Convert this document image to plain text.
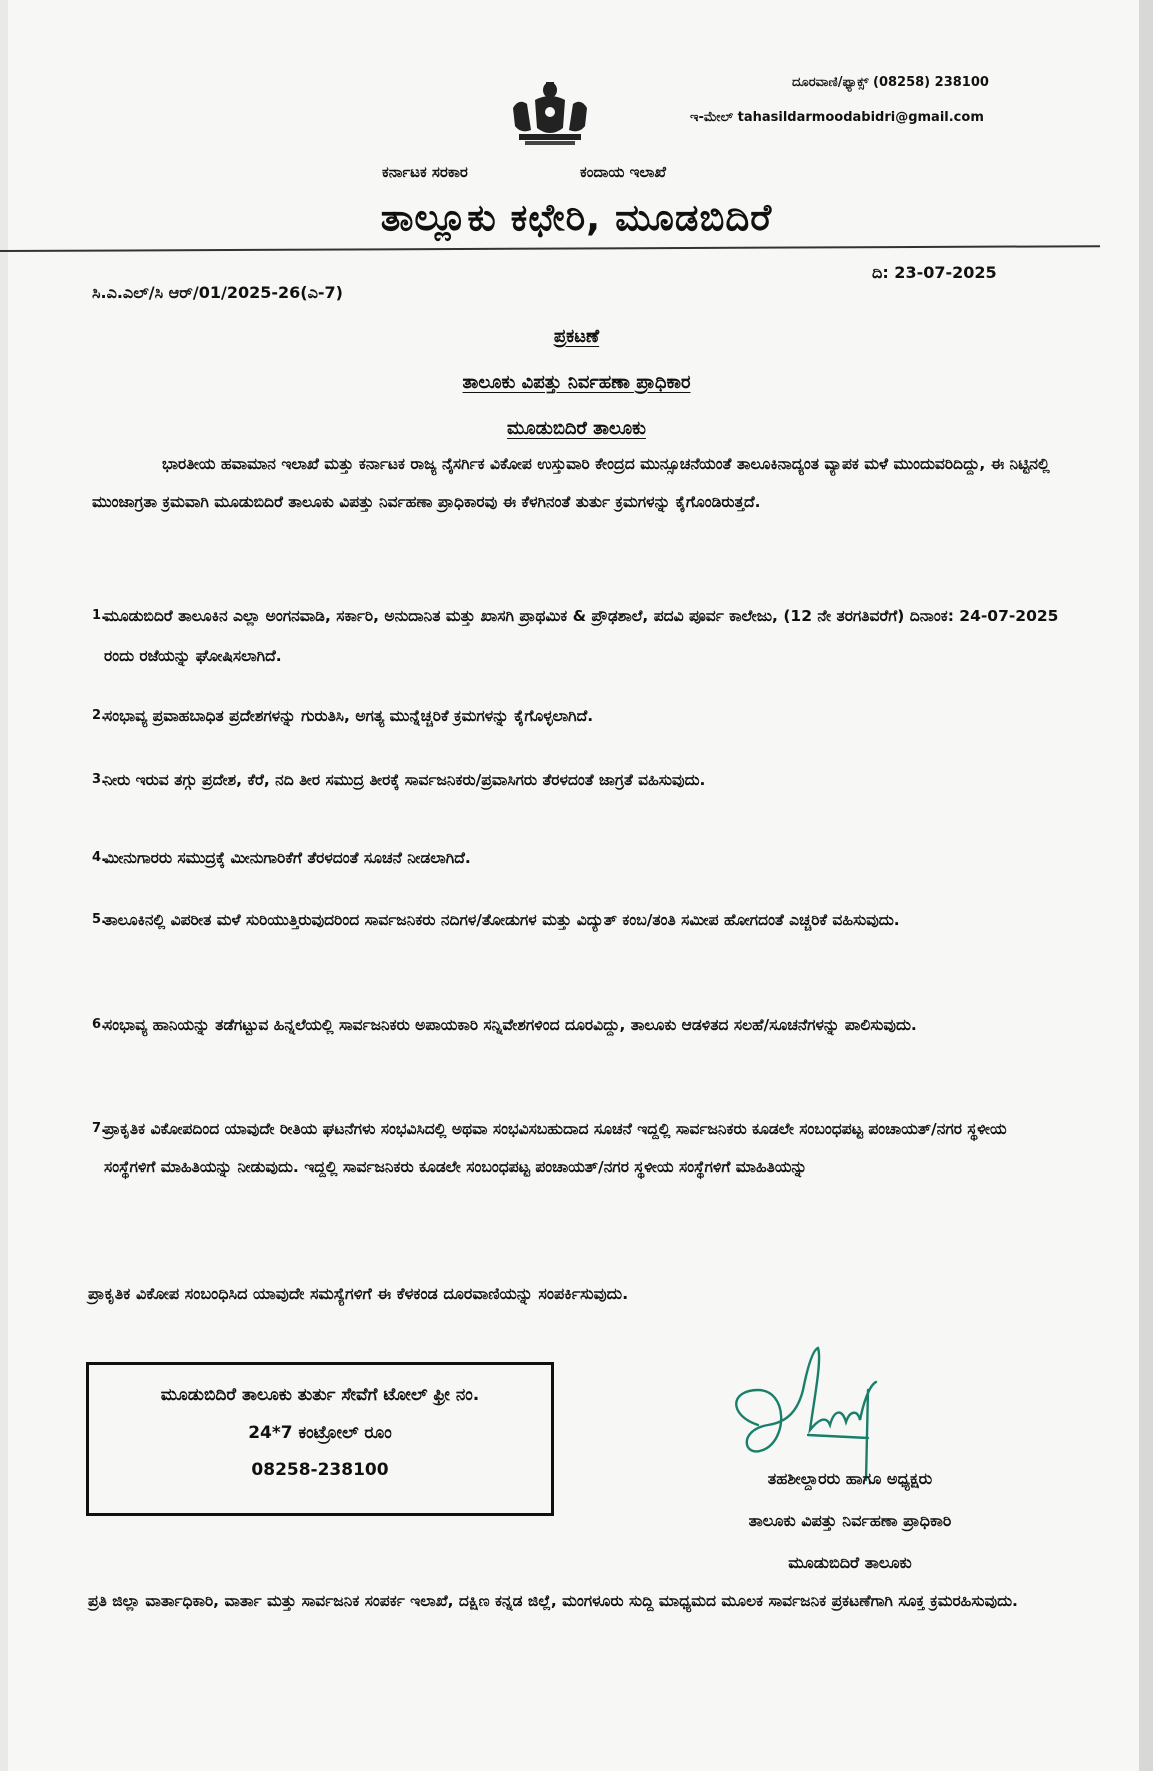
ದೂರವಾಣಿ/ಫ್ಯಾಕ್ಸ್ (08258) 238100
ಇ-ಮೇಲ್ tahasildarmoodabidri@gmail.com
ಕರ್ನಾಟಕ ಸರಕಾರ	ಕಂದಾಯ ಇಲಾಖೆ
ತಾಲ್ಲೂಕು ಕಛೇರಿ, ಮೂಡಬಿದಿರೆ
ಸಿ.ಎ.ಎಲ್/ಸಿ ಆರ್/01/2025-26(ಎ-7)
ದಿ: 23-07-2025
ಪ್ರಕಟಣೆ
ತಾಲೂಕು ವಿಪತ್ತು ನಿರ್ವಹಣಾ ಪ್ರಾಧಿಕಾರ
ಮೂಡುಬಿದಿರೆ ತಾಲೂಕು
ಭಾರತೀಯ ಹವಾಮಾನ ಇಲಾಖೆ ಮತ್ತು ಕರ್ನಾಟಕ ರಾಜ್ಯ ನೈಸರ್ಗಿಕ ವಿಕೋಪ ಉಸ್ತುವಾರಿ ಕೇಂದ್ರದ ಮುನ್ಸೂಚನೆಯಂತೆ ತಾಲೂಕಿನಾದ್ಯಂತ ವ್ಯಾಪಕ ಮಳೆ ಮುಂದುವರಿದಿದ್ದು, ಈ ನಿಟ್ಟಿನಲ್ಲಿ ಮುಂಜಾಗ್ರತಾ ಕ್ರಮವಾಗಿ ಮೂಡುಬಿದಿರೆ ತಾಲೂಕು ವಿಪತ್ತು ನಿರ್ವಹಣಾ ಪ್ರಾಧಿಕಾರವು ಈ ಕೆಳಗಿನಂತೆ ತುರ್ತು ಕ್ರಮಗಳನ್ನು ಕೈಗೊಂಡಿರುತ್ತದೆ.
1.
ಮೂಡುಬಿದಿರೆ ತಾಲೂಕಿನ ಎಲ್ಲಾ ಅಂಗನವಾಡಿ, ಸರ್ಕಾರಿ, ಅನುದಾನಿತ ಮತ್ತು ಖಾಸಗಿ ಪ್ರಾಥಮಿಕ & ಪ್ರೌಢಶಾಲೆ, ಪದವಿ ಪೂರ್ವ ಕಾಲೇಜು, (12 ನೇ ತರಗತಿವರೆಗೆ) ದಿನಾಂಕ: 24-07-2025 ರಂದು ರಜೆಯನ್ನು ಘೋಷಿಸಲಾಗಿದೆ.
2.
ಸಂಭಾವ್ಯ ಪ್ರವಾಹಬಾಧಿತ ಪ್ರದೇಶಗಳನ್ನು ಗುರುತಿಸಿ, ಅಗತ್ಯ ಮುನ್ನೆಚ್ಚರಿಕೆ ಕ್ರಮಗಳನ್ನು ಕೈಗೊಳ್ಳಲಾಗಿದೆ.
3.
ನೀರು ಇರುವ ತಗ್ಗು ಪ್ರದೇಶ, ಕೆರೆ, ನದಿ ತೀರ ಸಮುದ್ರ ತೀರಕ್ಕೆ ಸಾರ್ವಜನಿಕರು/ಪ್ರವಾಸಿಗರು ತೆರಳದಂತೆ ಜಾಗ್ರತೆ ವಹಿಸುವುದು.
4.
ಮೀನುಗಾರರು ಸಮುದ್ರಕ್ಕೆ ಮೀನುಗಾರಿಕೆಗೆ ತೆರಳದಂತೆ ಸೂಚನೆ ನೀಡಲಾಗಿದೆ.
5.
ತಾಲೂಕಿನಲ್ಲಿ ವಿಪರೀತ ಮಳೆ ಸುರಿಯುತ್ತಿರುವುದರಿಂದ ಸಾರ್ವಜನಿಕರು ನದಿಗಳ/ತೋಡುಗಳ ಮತ್ತು ವಿದ್ಯುತ್ ಕಂಬ/ತಂತಿ ಸಮೀಪ ಹೋಗದಂತೆ ಎಚ್ಚರಿಕೆ ವಹಿಸುವುದು.
6.
ಸಂಭಾವ್ಯ ಹಾನಿಯನ್ನು ತಡೆಗಟ್ಟುವ ಹಿನ್ನಲೆಯಲ್ಲಿ ಸಾರ್ವಜನಿಕರು ಅಪಾಯಕಾರಿ ಸನ್ನಿವೇಶಗಳಿಂದ ದೂರವಿದ್ದು, ತಾಲೂಕು ಆಡಳಿತದ ಸಲಹೆ/ಸೂಚನೆಗಳನ್ನು ಪಾಲಿಸುವುದು.
7.
ಪ್ರಾಕೃತಿಕ ವಿಕೋಪದಿಂದ ಯಾವುದೇ ರೀತಿಯ ಘಟನೆಗಳು ಸಂಭವಿಸಿದಲ್ಲಿ ಅಥವಾ ಸಂಭವಿಸಬಹುದಾದ ಸೂಚನೆ ಇದ್ದಲ್ಲಿ ಸಾರ್ವಜನಿಕರು ಕೂಡಲೇ ಸಂಬಂಧಪಟ್ಟ ಪಂಚಾಯತ್/ನಗರ ಸ್ಥಳೀಯ ಸಂಸ್ಥೆಗಳಿಗೆ ಮಾಹಿತಿಯನ್ನು ನೀಡುವುದು. ಇದ್ದಲ್ಲಿ ಸಾರ್ವಜನಿಕರು ಕೂಡಲೇ ಸಂಬಂಧಪಟ್ಟ ಪಂಚಾಯತ್/ನಗರ ಸ್ಥಳೀಯ ಸಂಸ್ಥೆಗಳಿಗೆ ಮಾಹಿತಿಯನ್ನು
ಪ್ರಾಕೃತಿಕ ವಿಕೋಪ ಸಂಬಂಧಿಸಿದ ಯಾವುದೇ ಸಮಸ್ಯೆಗಳಿಗೆ ಈ ಕೆಳಕಂಡ ದೂರವಾಣಿಯನ್ನು ಸಂಪರ್ಕಿಸುವುದು.
ಮೂಡುಬಿದಿರೆ ತಾಲೂಕು ತುರ್ತು ಸೇವೆಗೆ ಟೋಲ್ ಫ್ರೀ ನಂ.
24*7 ಕಂಟ್ರೋಲ್ ರೂಂ
08258-238100	ತಹಶೀಲ್ದಾರರು ಹಾಗೂ ಅಧ್ಯಕ್ಷರು
ತಾಲೂಕು ವಿಪತ್ತು ನಿರ್ವಹಣಾ ಪ್ರಾಧಿಕಾರಿ
ಮೂಡುಬಿದಿರೆ ತಾಲೂಕು
ಪ್ರತಿ ಜಿಲ್ಲಾ ವಾರ್ತಾಧಿಕಾರಿ, ವಾರ್ತಾ ಮತ್ತು ಸಾರ್ವಜನಿಕ ಸಂಪರ್ಕ ಇಲಾಖೆ, ದಕ್ಷಿಣ ಕನ್ನಡ ಜಿಲ್ಲೆ, ಮಂಗಳೂರು ಸುದ್ದಿ ಮಾಧ್ಯಮದ ಮೂಲಕ ಸಾರ್ವಜನಿಕ ಪ್ರಕಟಣೆಗಾಗಿ ಸೂಕ್ತ ಕ್ರಮರಹಿಸುವುದು.
